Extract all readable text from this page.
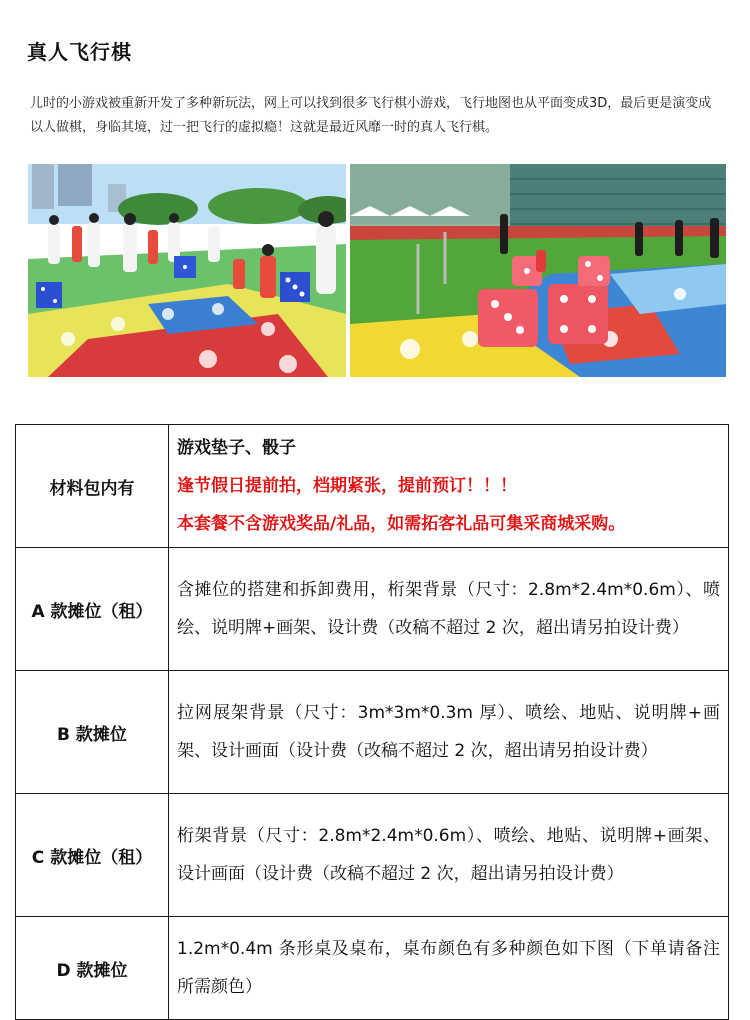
真人飞行棋
儿时的小游戏被重新开发了多种新玩法，网上可以找到很多飞行棋小游戏，飞行地图也从平面变成3D，最后更是演变成以人做棋，身临其境，过一把飞行的虚拟瘾！这就是最近风靡一时的真人飞行棋。
材料包内有	游戏垫子、骰子
逢节假日提前拍，档期紧张，提前预订！！！
本套餐不含游戏奖品/礼品，如需拓客礼品可集采商城采购。

A 款摊位（租）	含摊位的搭建和拆卸费用，桁架背景（尺寸：2.8m*2.4m*0.6m）、喷绘、说明牌+画架、设计费（改稿不超过 2 次，超出请另拍设计费）
B 款摊位	拉网展架背景（尺寸：3m*3m*0.3m 厚）、喷绘、地贴、说明牌+画架、设计画面（设计费（改稿不超过 2 次，超出请另拍设计费）
C 款摊位（租）	桁架背景（尺寸：2.8m*2.4m*0.6m）、喷绘、地贴、说明牌+画架、设计画面（设计费（改稿不超过 2 次，超出请另拍设计费）
D 款摊位	1.2m*0.4m 条形桌及桌布，桌布颜色有多种颜色如下图（下单请备注所需颜色）
